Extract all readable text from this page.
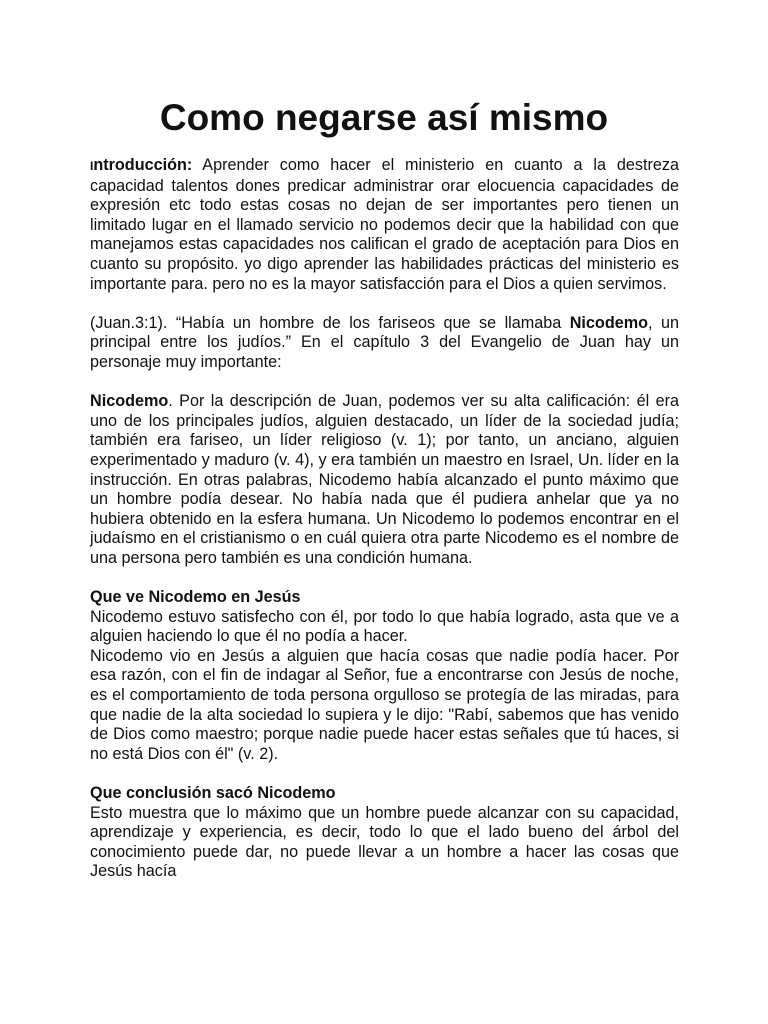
Como negarse así mismo

Introducción: Aprender como hacer el ministerio en cuanto a la destreza capacidad talentos dones predicar administrar orar elocuencia capacidades de expresión etc todo estas cosas no dejan de ser importantes pero tienen un limitado lugar en el llamado servicio no podemos decir que la habilidad con que manejamos estas capacidades nos califican el grado de aceptación para Dios en cuanto su propósito. yo digo aprender las habilidades prácticas del ministerio es importante para. pero no es la mayor satisfacción para el Dios a quien servimos.

(Juan.3:1). “Había un hombre de los fariseos que se llamaba Nicodemo, un principal entre los judíos.” En el capítulo 3 del Evangelio de Juan hay un personaje muy importante:

Nicodemo. Por la descripción de Juan, podemos ver su alta calificación: él era uno de los principales judíos, alguien destacado, un líder de la sociedad judía; también era fariseo, un líder religioso (v. 1); por tanto, un anciano, alguien experimentado y maduro (v. 4), y era también un maestro en Israel, Un. líder en la instrucción. En otras palabras, Nicodemo había alcanzado el punto máximo que un hombre podía desear. No había nada que él pudiera anhelar que ya no hubiera obtenido en la esfera humana. Un Nicodemo lo podemos encontrar en el judaísmo en el cristianismo o en cuál quiera otra parte Nicodemo es el nombre de una persona pero también es una condición humana.

Que ve Nicodemo en Jesús
Nicodemo estuvo satisfecho con él, por todo lo que había logrado, asta que ve a alguien haciendo lo que él no podía a hacer.
Nicodemo vio en Jesús a alguien que hacía cosas que nadie podía hacer. Por esa razón, con el fin de indagar al Señor, fue a encontrarse con Jesús de noche, es el comportamiento de toda persona orgulloso se protegía de las miradas, para que nadie de la alta sociedad lo supiera y le dijo: "Rabí, sabemos que has venido de Dios como maestro; porque nadie puede hacer estas señales que tú haces, si no está Dios con él" (v. 2).
Que conclusión sacó Nicodemo
Esto muestra que lo máximo que un hombre puede alcanzar con su capacidad, aprendizaje y experiencia, es decir, todo lo que el lado bueno del árbol del conocimiento puede dar, no puede llevar a un hombre a hacer las cosas que Jesús hacía
